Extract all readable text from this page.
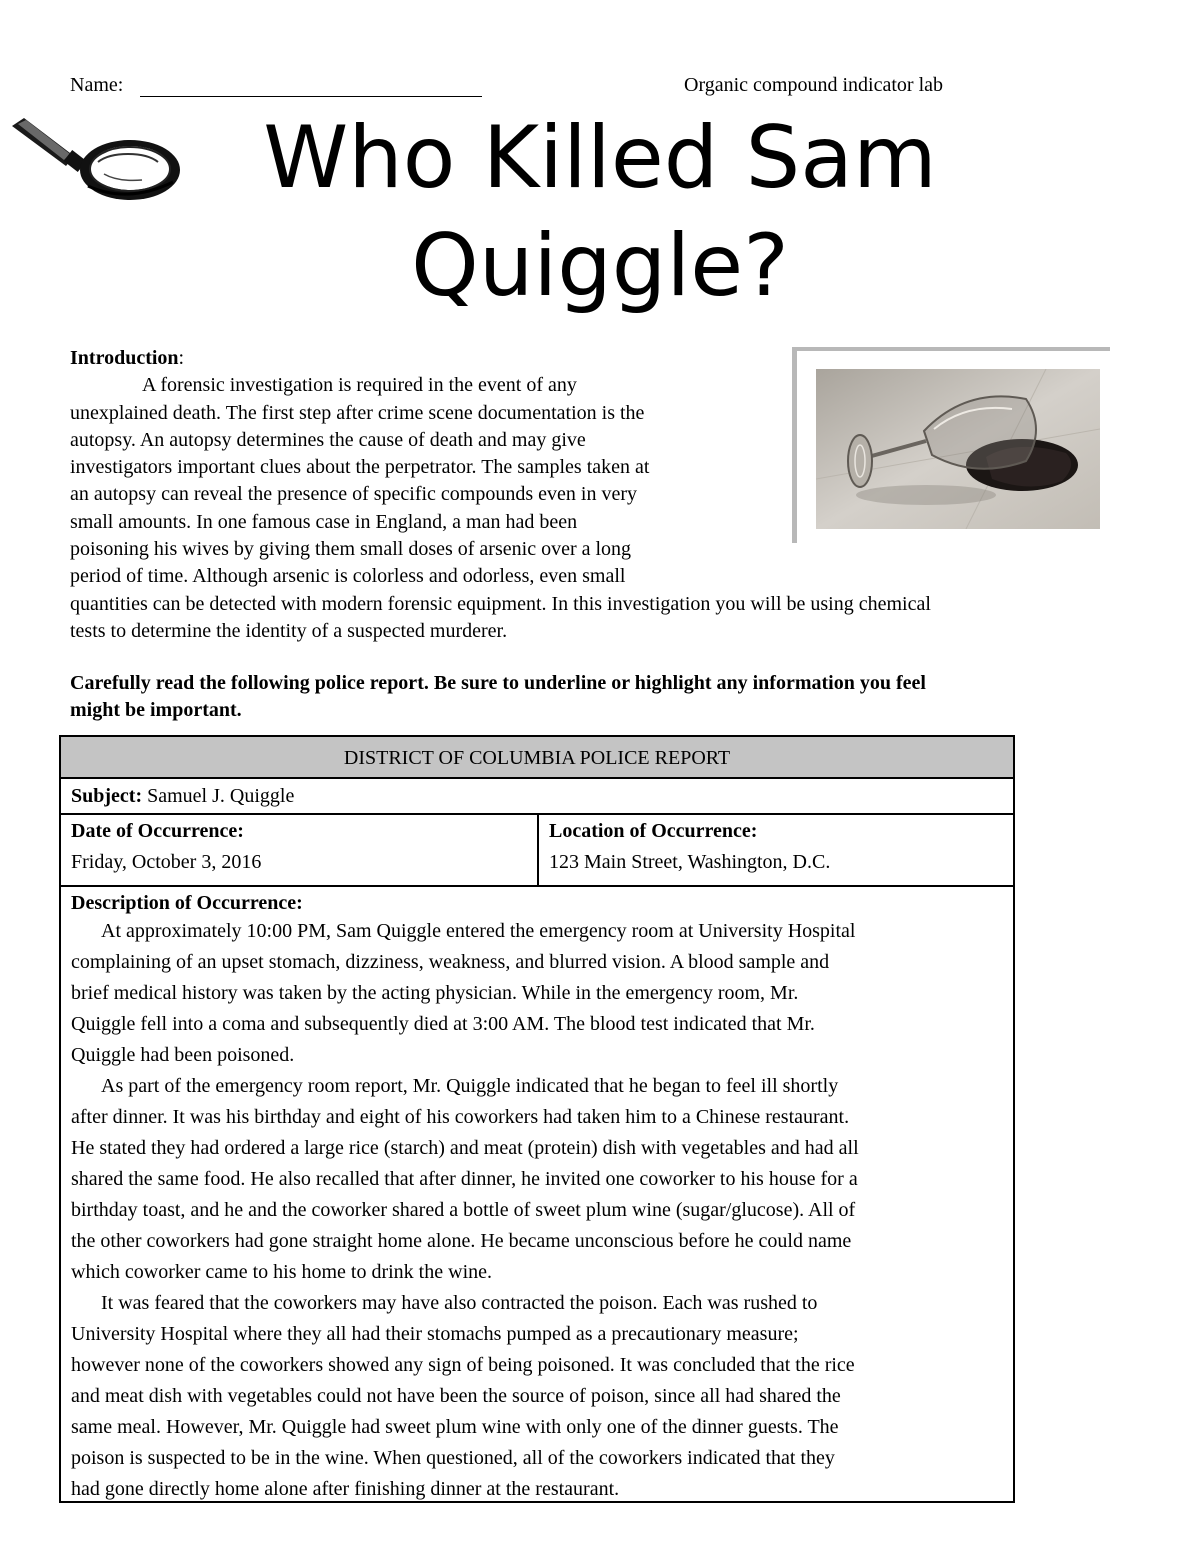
Name:	Organic compound indicator lab
Who Killed Sam
Quiggle?
Introduction:
A forensic investigation is required in the event of any
unexplained death. The first step after crime scene documentation is the
autopsy. An autopsy determines the cause of death and may give
investigators important clues about the perpetrator. The samples taken at
an autopsy can reveal the presence of specific compounds even in very
small amounts. In one famous case in England, a man had been
poisoning his wives by giving them small doses of arsenic over a long
period of time. Although arsenic is colorless and odorless, even small
quantities can be detected with modern forensic equipment. In this investigation you will be using chemical
tests to determine the identity of a suspected murderer.
Carefully read the following police report. Be sure to underline or highlight any information you feel
might be important.
DISTRICT OF COLUMBIA POLICE REPORT
Subject: Samuel J. Quiggle
Date of Occurrence:
Friday, October 3, 2016
Location of Occurrence:
123 Main Street, Washington, D.C.
Description of Occurrence:
At approximately 10:00 PM, Sam Quiggle entered the emergency room at University Hospital
complaining of an upset stomach, dizziness, weakness, and blurred vision. A blood sample and
brief medical history was taken by the acting physician. While in the emergency room, Mr.
Quiggle fell into a coma and subsequently died at 3:00 AM. The blood test indicated that Mr.
Quiggle had been poisoned.
As part of the emergency room report, Mr. Quiggle indicated that he began to feel ill shortly
after dinner. It was his birthday and eight of his coworkers had taken him to a Chinese restaurant.
He stated they had ordered a large rice (starch) and meat (protein) dish with vegetables and had all
shared the same food. He also recalled that after dinner, he invited one coworker to his house for a
birthday toast, and he and the coworker shared a bottle of sweet plum wine (sugar/glucose). All of
the other coworkers had gone straight home alone. He became unconscious before he could name
which coworker came to his home to drink the wine.
It was feared that the coworkers may have also contracted the poison. Each was rushed to
University Hospital where they all had their stomachs pumped as a precautionary measure;
however none of the coworkers showed any sign of being poisoned. It was concluded that the rice
and meat dish with vegetables could not have been the source of poison, since all had shared the
same meal. However, Mr. Quiggle had sweet plum wine with only one of the dinner guests. The
poison is suspected to be in the wine. When questioned, all of the coworkers indicated that they
had gone directly home alone after finishing dinner at the restaurant.
